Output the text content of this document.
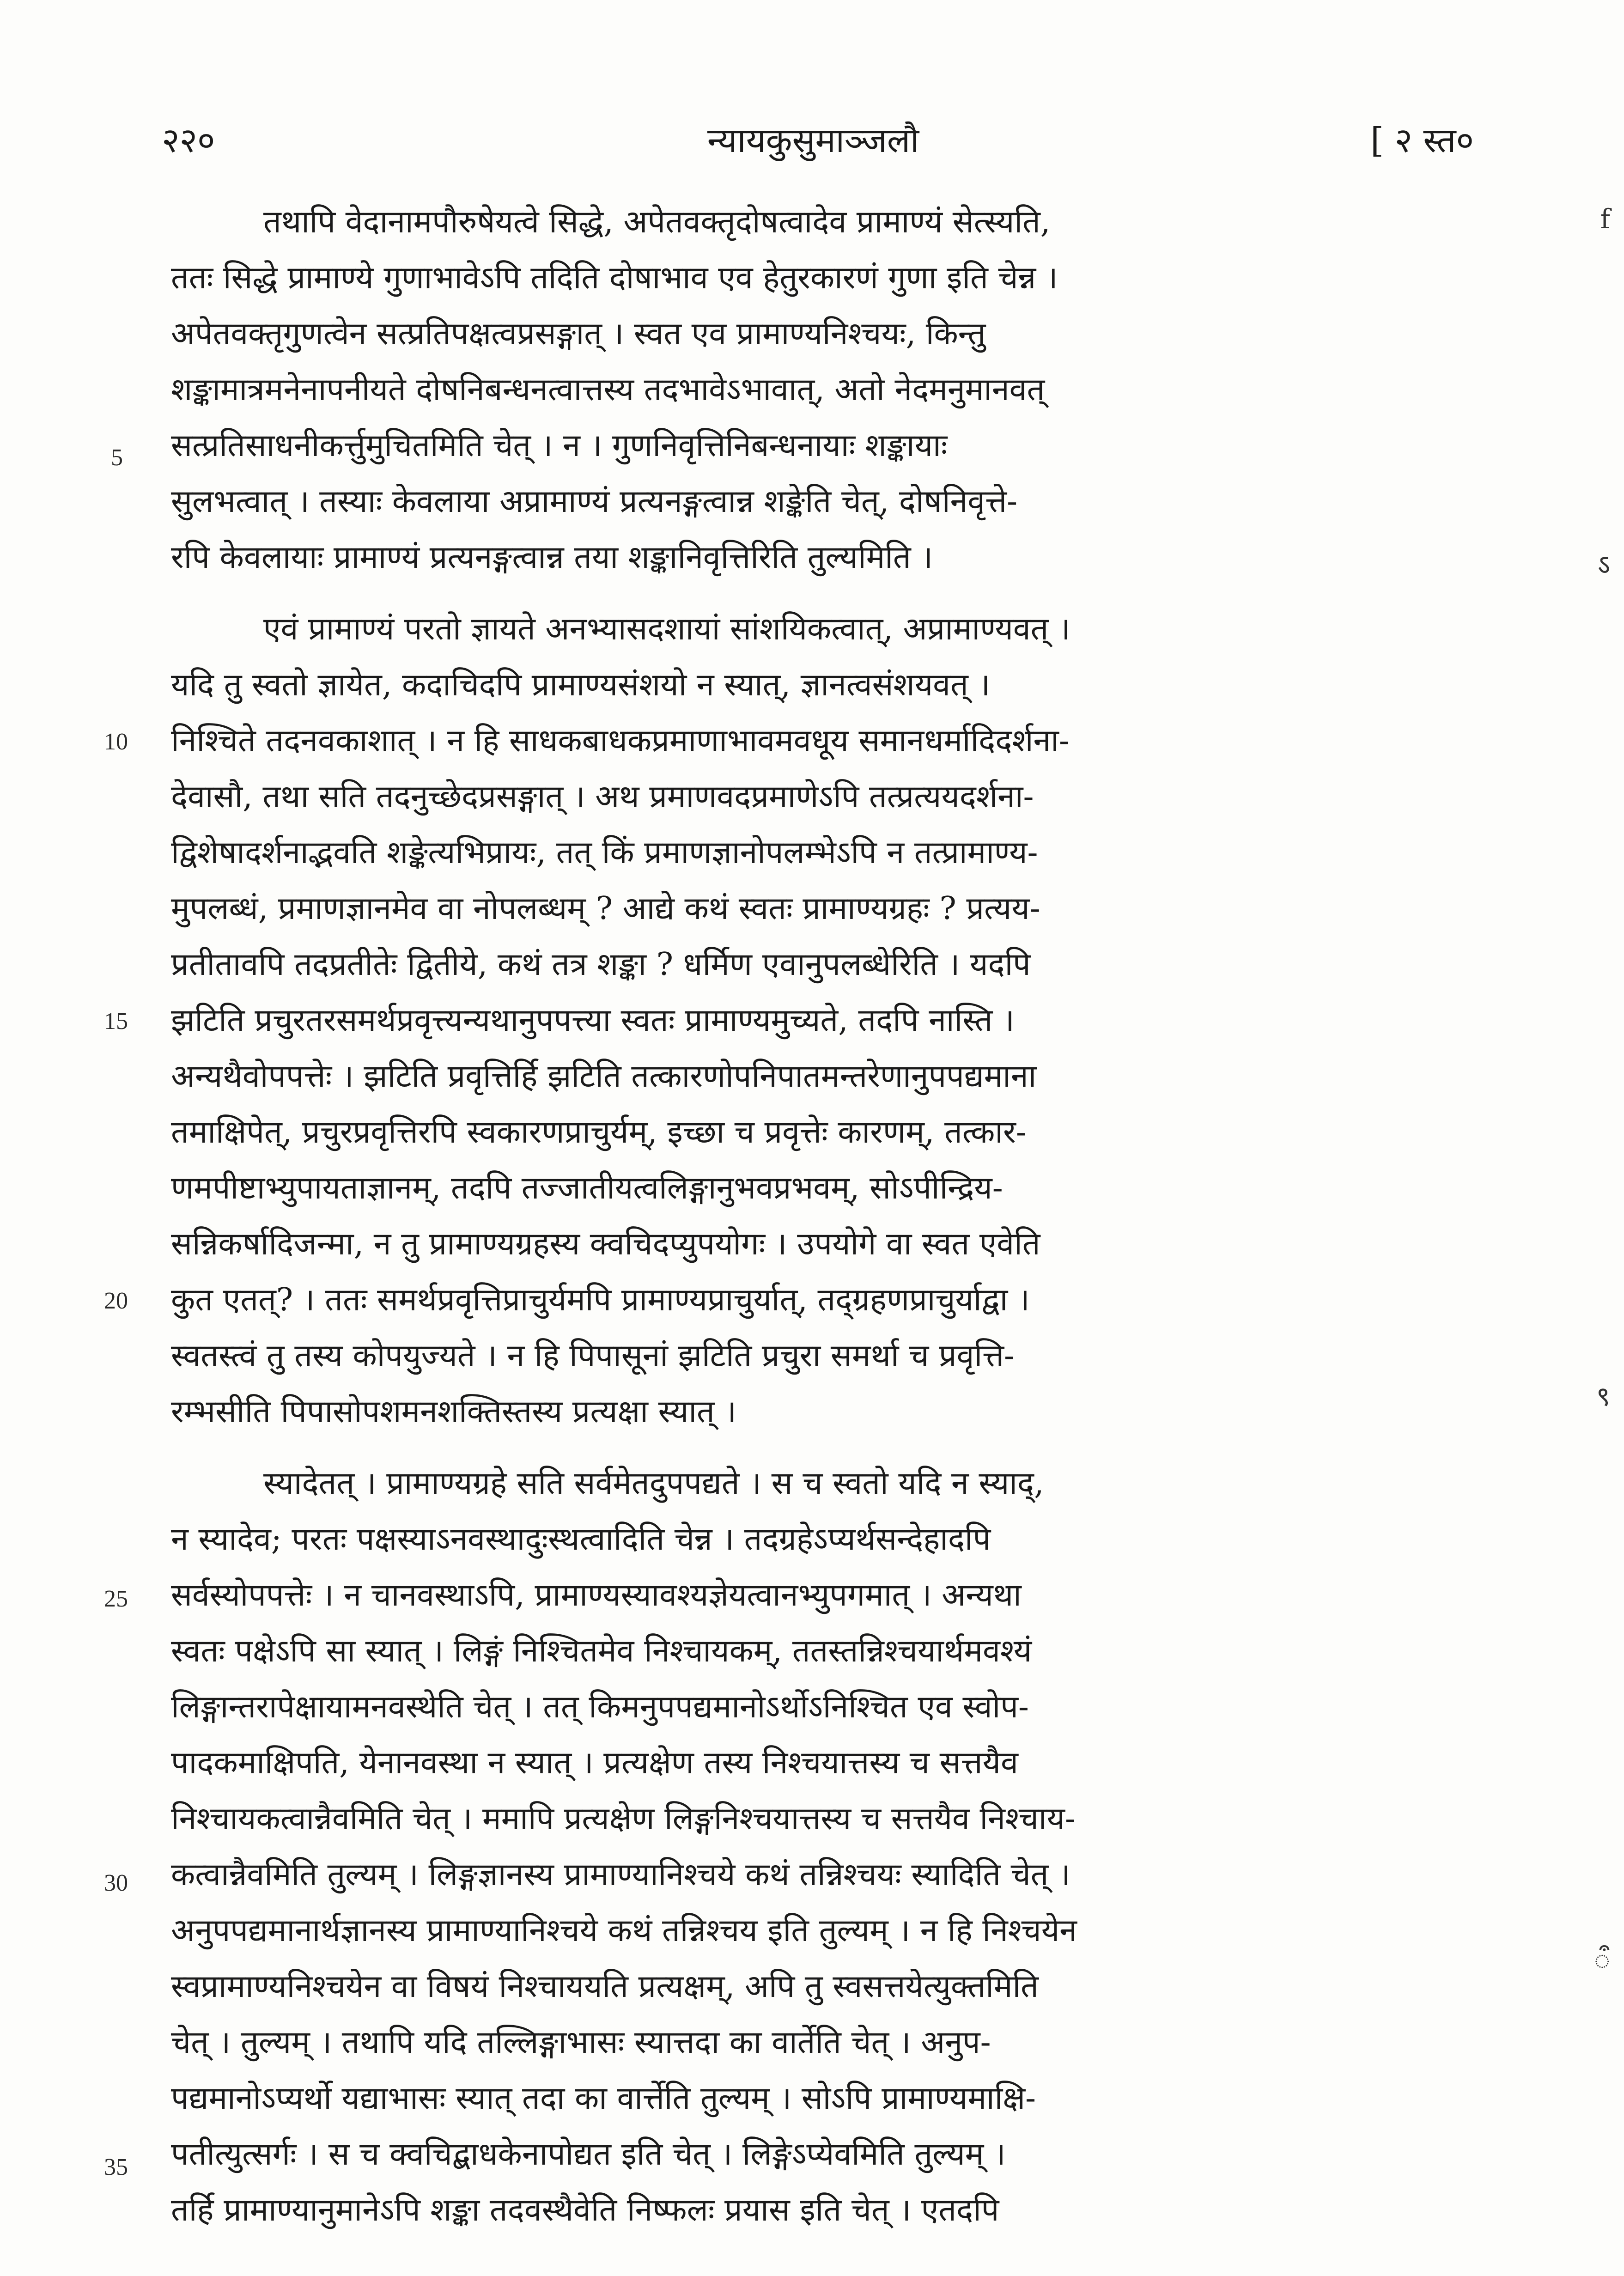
२२०	न्यायकुसुमाञ्जलौ	[ २ स्त०
5
10
15
20
25
30
35
f
ऽ
९
ऀ
तथापि वेदानामपौरुषेयत्वे सिद्धे, अपेतवक्तृदोषत्वादेव प्रामाण्यं सेत्स्यति,
ततः सिद्धे प्रामाण्ये गुणाभावेऽपि तदिति दोषाभाव एव हेतुरकारणं गुणा इति चेन्न ।
अपेतवक्तृगुणत्वेन सत्प्रतिपक्षत्वप्रसङ्गात् । स्वत एव प्रामाण्यनिश्चयः, किन्तु
शङ्कामात्रमनेनापनीयते दोषनिबन्धनत्वात्तस्य तदभावेऽभावात्, अतो नेदमनुमानवत्
सत्प्रतिसाधनीकर्त्तुमुचितमिति चेत् । न । गुणनिवृत्तिनिबन्धनायाः शङ्कायाः
सुलभत्वात् । तस्याः केवलाया अप्रामाण्यं प्रत्यनङ्गत्वान्न शङ्केति चेत्, दोषनिवृत्ते-
रपि केवलायाः प्रामाण्यं प्रत्यनङ्गत्वान्न तया शङ्कानिवृत्तिरिति तुल्यमिति ।
एवं प्रामाण्यं परतो ज्ञायते अनभ्यासदशायां सांशयिकत्वात्, अप्रामाण्यवत् ।
यदि तु स्वतो ज्ञायेत, कदाचिदपि प्रामाण्यसंशयो न स्यात्, ज्ञानत्वसंशयवत् ।
निश्चिते तदनवकाशात् । न हि साधकबाधकप्रमाणाभावमवधूय समानधर्मादिदर्शना-
देवासौ, तथा सति तदनुच्छेदप्रसङ्गात् । अथ प्रमाणवदप्रमाणेऽपि तत्प्रत्ययदर्शना-
द्विशेषादर्शनाद्भवति शङ्केत्यभिप्रायः, तत् किं प्रमाणज्ञानोपलम्भेऽपि न तत्प्रामाण्य-
मुपलब्धं, प्रमाणज्ञानमेव वा नोपलब्धम् ? आद्ये कथं स्वतः प्रामाण्यग्रहः ? प्रत्यय-
प्रतीतावपि तदप्रतीतेः द्वितीये, कथं तत्र शङ्का ? धर्मिण एवानुपलब्धेरिति । यदपि
झटिति प्रचुरतरसमर्थप्रवृत्त्यन्यथानुपपत्त्या स्वतः प्रामाण्यमुच्यते, तदपि नास्ति ।
अन्यथैवोपपत्तेः । झटिति प्रवृत्तिर्हि झटिति तत्कारणोपनिपातमन्तरेणानुपपद्यमाना
तमाक्षिपेत्, प्रचुरप्रवृत्तिरपि स्वकारणप्राचुर्यम्, इच्छा च प्रवृत्तेः कारणम्, तत्कार-
णमपीष्टाभ्युपायताज्ञानम्, तदपि तज्जातीयत्वलिङ्गानुभवप्रभवम्, सोऽपीन्द्रिय-
सन्निकर्षादिजन्मा, न तु प्रामाण्यग्रहस्य क्वचिदप्युपयोगः । उपयोगे वा स्वत एवेति
कुत एतत्? । ततः समर्थप्रवृत्तिप्राचुर्यमपि प्रामाण्यप्राचुर्यात्, तद्ग्रहणप्राचुर्याद्वा ।
स्वतस्त्वं तु तस्य कोपयुज्यते । न हि पिपासूनां झटिति प्रचुरा समर्था च प्रवृत्ति-
रम्भसीति पिपासोपशमनशक्तिस्तस्य प्रत्यक्षा स्यात् ।
स्यादेतत् । प्रामाण्यग्रहे सति सर्वमेतदुपपद्यते । स च स्वतो यदि न स्याद्,
न स्यादेव; परतः पक्षस्याऽनवस्थादुःस्थत्वादिति चेन्न । तदग्रहेऽप्यर्थसन्देहादपि
सर्वस्योपपत्तेः । न चानवस्थाऽपि, प्रामाण्यस्यावश्यज्ञेयत्वानभ्युपगमात् । अन्यथा
स्वतः पक्षेऽपि सा स्यात् । लिङ्गं निश्चितमेव निश्चायकम्, ततस्तन्निश्चयार्थमवश्यं
लिङ्गान्तरापेक्षायामनवस्थेति चेत् । तत् किमनुपपद्यमानोऽर्थोऽनिश्चित एव स्वोप-
पादकमाक्षिपति, येनानवस्था न स्यात् । प्रत्यक्षेण तस्य निश्चयात्तस्य च सत्तयैव
निश्चायकत्वान्नैवमिति चेत् । ममापि प्रत्यक्षेण लिङ्गनिश्चयात्तस्य च सत्तयैव निश्चाय-
कत्वान्नैवमिति तुल्यम् । लिङ्गज्ञानस्य प्रामाण्यानिश्चये कथं तन्निश्चयः स्यादिति चेत् ।
अनुपपद्यमानार्थज्ञानस्य प्रामाण्यानिश्चये कथं तन्निश्चय इति तुल्यम् । न हि निश्चयेन
स्वप्रामाण्यनिश्चयेन वा विषयं निश्चाययति प्रत्यक्षम्, अपि तु स्वसत्तयेत्युक्तमिति
चेत् । तुल्यम् । तथापि यदि तल्लिङ्गाभासः स्यात्तदा का वार्तेति चेत् । अनुप-
पद्यमानोऽप्यर्थो यद्याभासः स्यात् तदा का वार्त्तेति तुल्यम् । सोऽपि प्रामाण्यमाक्षि-
पतीत्युत्सर्गः । स च क्वचिद्बाधकेनापोद्यत इति चेत् । लिङ्गेऽप्येवमिति तुल्यम् ।
तर्हि प्रामाण्यानुमानेऽपि शङ्का तदवस्थैवेति निष्फलः प्रयास इति चेत् । एतदपि
